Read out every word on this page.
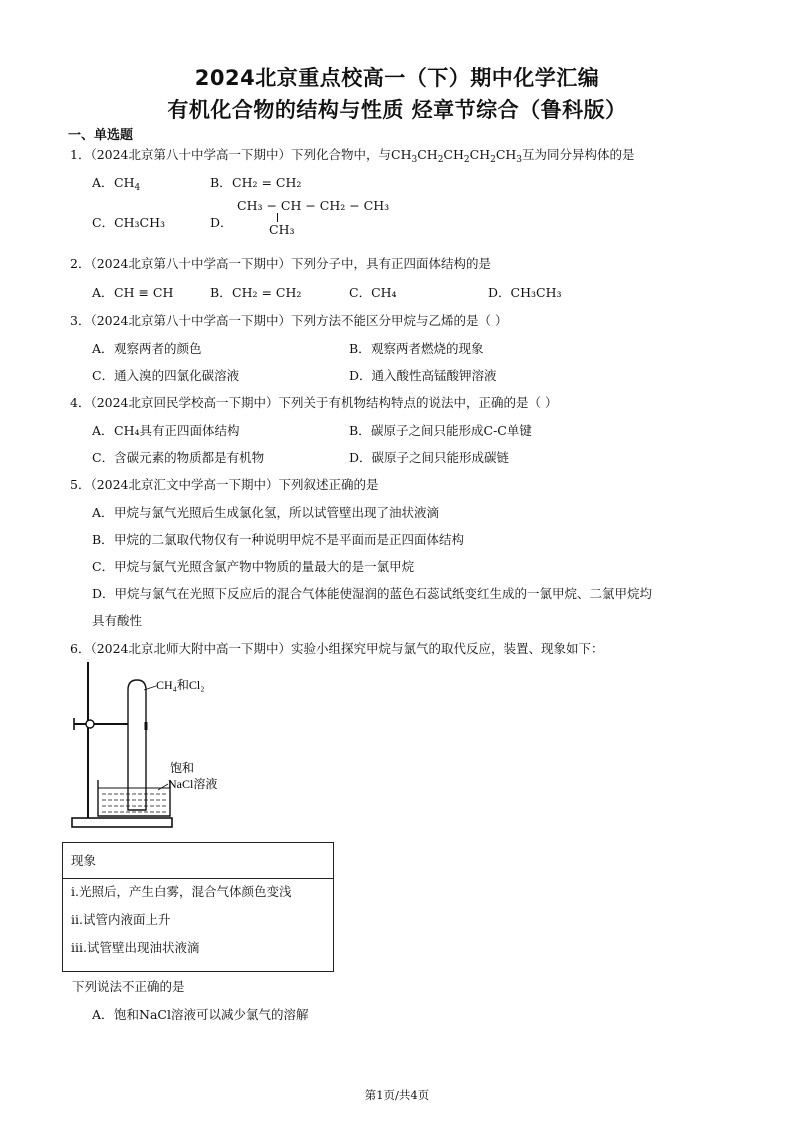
2024北京重点校高一（下）期中化学汇编
有机化合物的结构与性质 烃章节综合（鲁科版）
一、单选题
1．（2024北京第八十中学高一下期中）下列化合物中，与$CH_3CH_2CH_2CH_2CH_3$互为同分异构体的是
A．$CH_4$	B．CH₂ = CH₂
C．CH₃CH₃	D．
CH₃ − CH − CH₂ − CH₃
CH₃
2．（2024北京第八十中学高一下期中）下列分子中，具有正四面体结构的是
A．CH ≡ CH	B．CH₂ = CH₂	C．CH₄	D．CH₃CH₃
3．（2024北京第八十中学高一下期中）下列方法不能区分甲烷与乙烯的是（ ）
A．观察两者的颜色	B．观察两者燃烧的现象
C．通入溴的四氯化碳溶液	D．通入酸性高锰酸钾溶液
4．（2024北京回民学校高一下期中）下列关于有机物结构特点的说法中，正确的是（ ）
A．CH₄具有正四面体结构	B．碳原子之间只能形成C-C单键
C．含碳元素的物质都是有机物	D．碳原子之间只能形成碳链
5．（2024北京汇文中学高一下期中）下列叙述正确的是
A．甲烷与氯气光照后生成氯化氢，所以试管壁出现了油状液滴
B．甲烷的二氯取代物仅有一种说明甲烷不是平面而是正四面体结构
C．甲烷与氯气光照含氯产物中物质的量最大的是一氯甲烷
D．甲烷与氯气在光照下反应后的混合气体能使湿润的蓝色石蕊试纸变红生成的一氯甲烷、二氯甲烷均
具有酸性
6．（2024北京北师大附中高一下期中）实验小组探究甲烷与氯气的取代反应，装置、现象如下：
CH₄和Cl₂
饱和
NaCl溶液
现象
ⅰ.光照后，产生白雾，混合气体颜色变浅
ⅱ.试管内液面上升
ⅲ.试管壁出现油状液滴
下列说法不正确的是
A．饱和NaCl溶液可以减少氯气的溶解
第1页/共4页
